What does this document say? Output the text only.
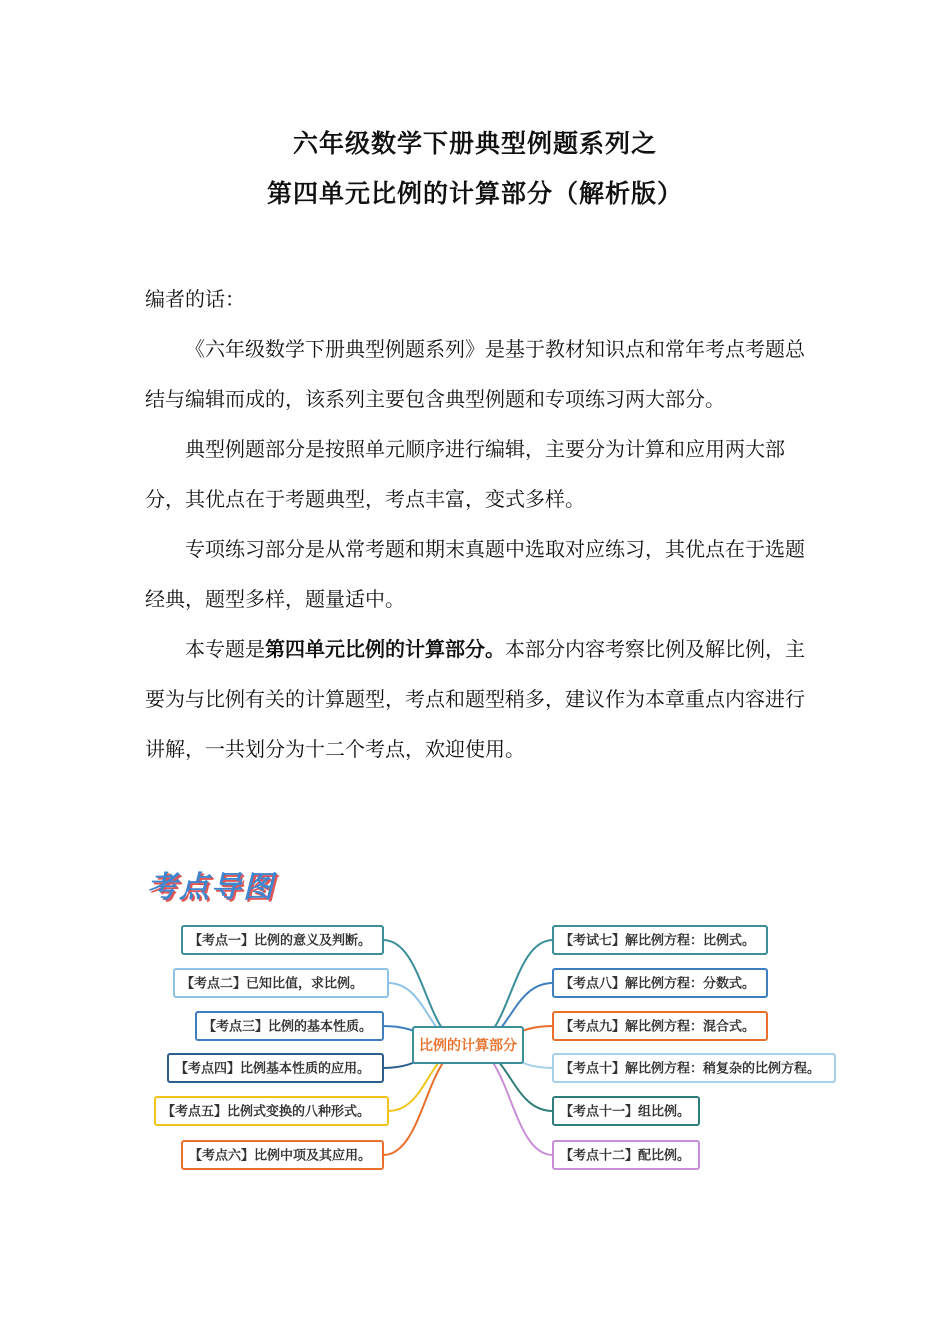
六年级数学下册典型例题系列之
第四单元比例的计算部分（解析版）

编者的话：

《六年级数学下册典型例题系列》是基于教材知识点和常年考点考题总结与编辑而成的，该系列主要包含典型例题和专项练习两大部分。

典型例题部分是按照单元顺序进行编辑，主要分为计算和应用两大部分，其优点在于考题典型，考点丰富，变式多样。

专项练习部分是从常考题和期末真题中选取对应练习，其优点在于选题经典，题型多样，题量适中。

本专题是第四单元比例的计算部分。本部分内容考察比例及解比例，主要为与比例有关的计算题型，考点和题型稍多，建议作为本章重点内容进行讲解，一共划分为十二个考点，欢迎使用。

考点导图
【考点一】比例的意义及判断。
【考点二】已知比值，求比例。
【考点三】比例的基本性质。
【考点四】比例基本性质的应用。
【考点五】比例式变换的八种形式。
【考点六】比例中项及其应用。
【考试七】解比例方程：比例式。
【考点八】解比例方程：分数式。
【考点九】解比例方程：混合式。
【考点十】解比例方程：稍复杂的比例方程。
【考点十一】组比例。
【考点十二】配比例。
比例的计算部分
